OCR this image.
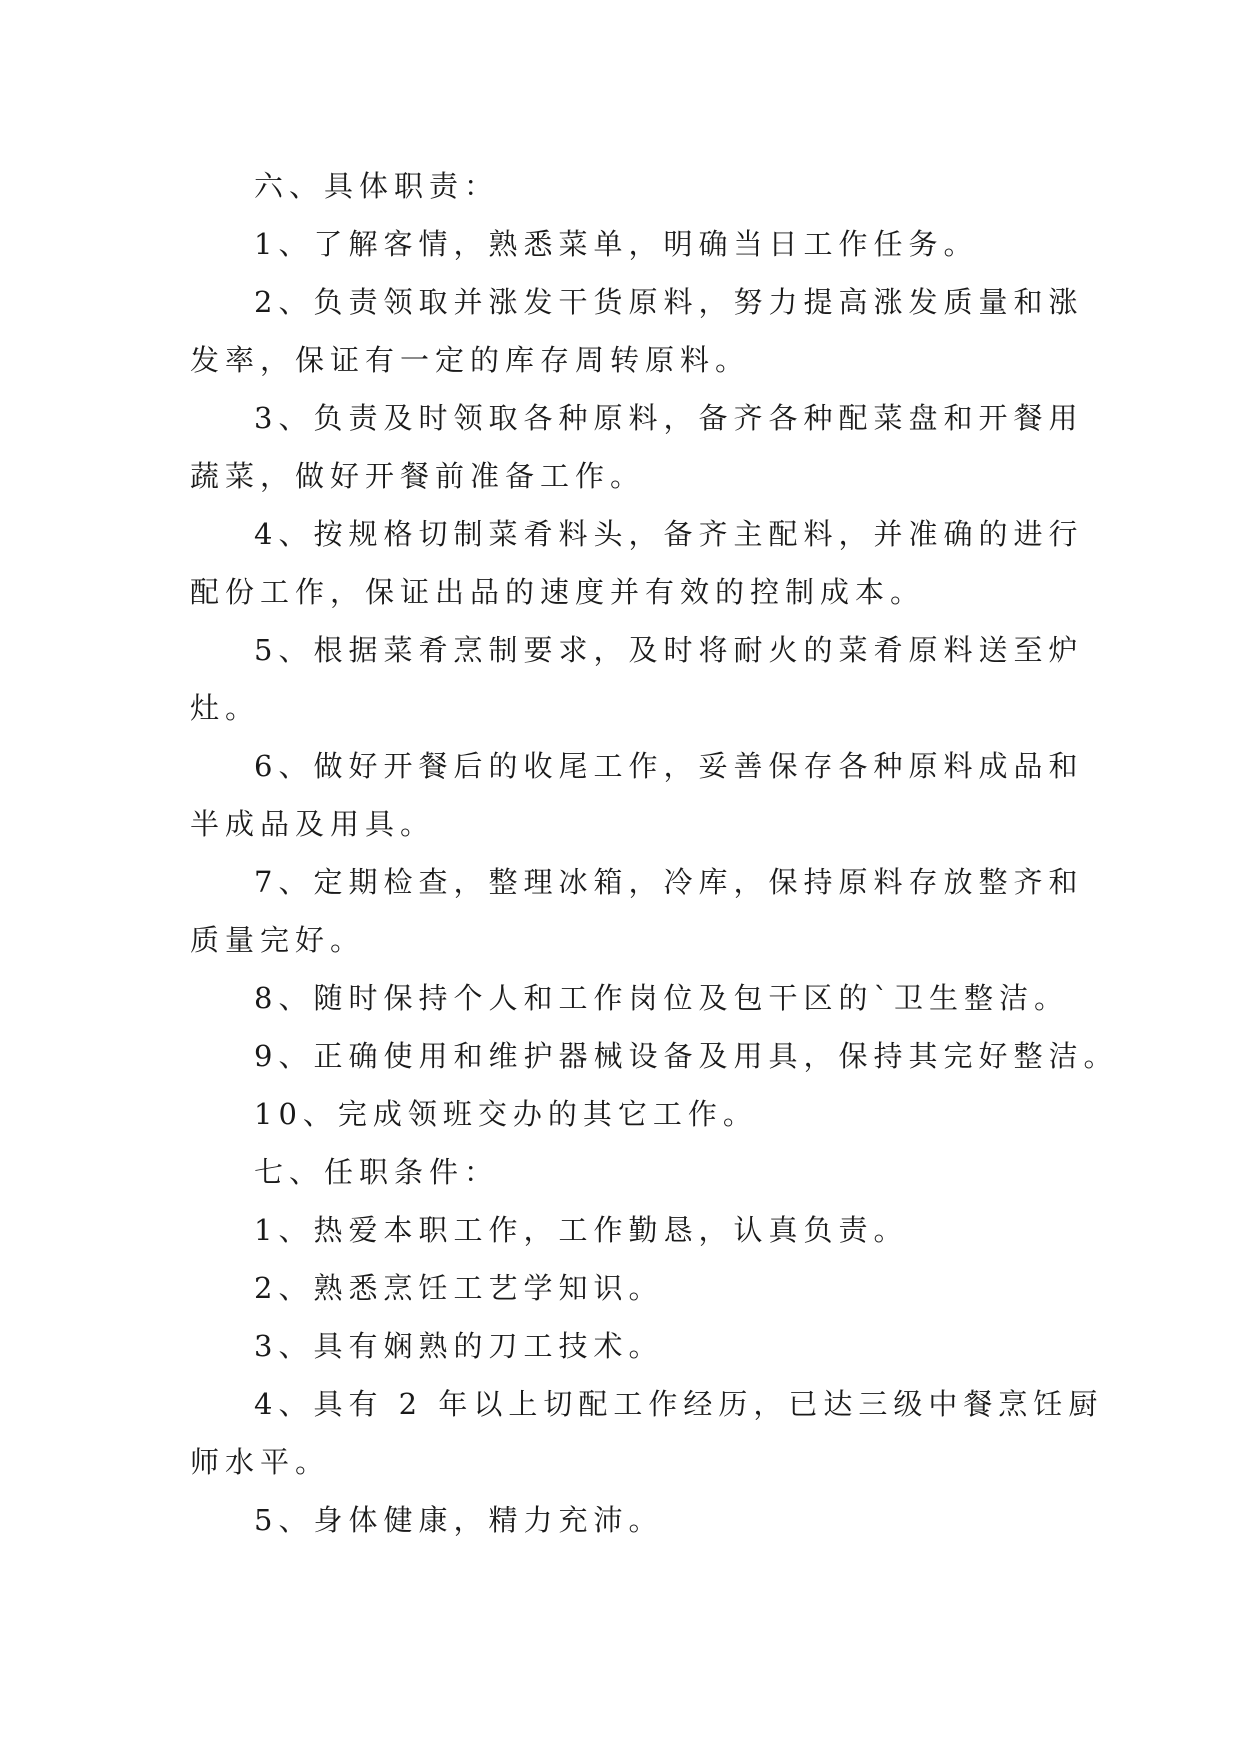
六、具体职责：

1、了解客情，熟悉菜单，明确当日工作任务。

2、负责领取并涨发干货原料，努力提高涨发质量和涨

发率，保证有一定的库存周转原料。

3、负责及时领取各种原料，备齐各种配菜盘和开餐用

蔬菜，做好开餐前准备工作。

4、按规格切制菜肴料头，备齐主配料，并准确的进行

配份工作，保证出品的速度并有效的控制成本。

5、根据菜肴烹制要求，及时将耐火的菜肴原料送至炉

灶。

6、做好开餐后的收尾工作，妥善保存各种原料成品和

半成品及用具。

7、定期检查，整理冰箱，冷库，保持原料存放整齐和

质量完好。

8、随时保持个人和工作岗位及包干区的`卫生整洁。

9、正确使用和维护器械设备及用具，保持其完好整洁。

10、完成领班交办的其它工作。

七、任职条件：

1、热爱本职工作，工作勤恳，认真负责。

2、熟悉烹饪工艺学知识。

3、具有娴熟的刀工技术。

4、具有 2 年以上切配工作经历，已达三级中餐烹饪厨

师水平。

5、身体健康，精力充沛。
